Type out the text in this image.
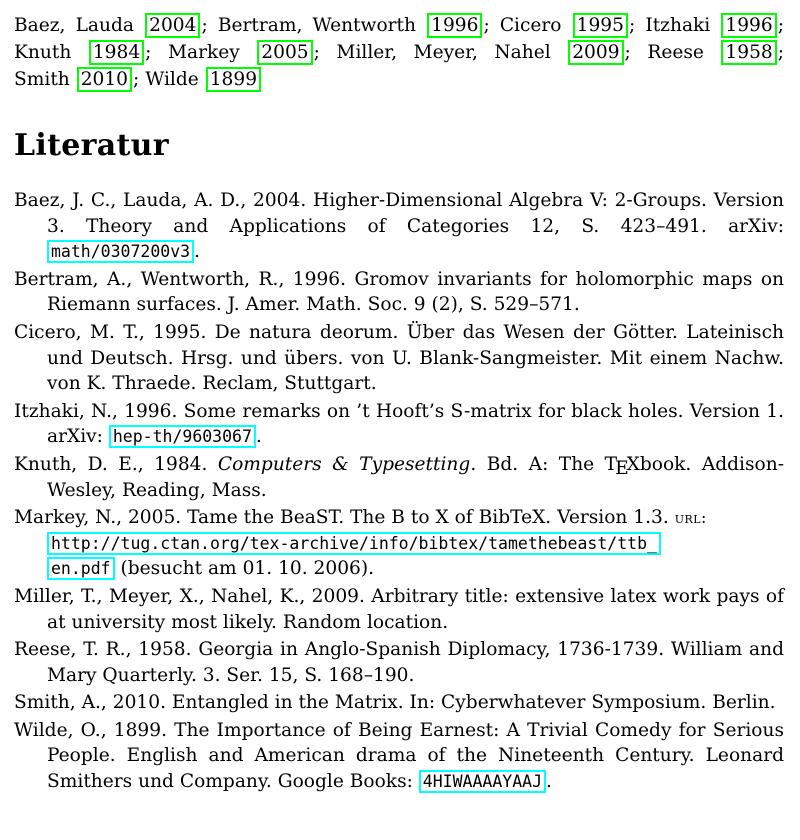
Baez, Lauda 2004 ; Bertram, Wentworth 1996 ; Cicero 1995 ; Itzhaki 1996 ; Knuth 1984 ; Markey 2005 ; Miller, Meyer, Nahel 2009 ; Reese 1958 ; Smith 2010 ; Wilde 1899
Literatur
Baez, J. C., Lauda, A. D., 2004. Higher-Dimensional Algebra V: 2-Groups. Version 3. Theory and Applications of Categories 12, S. 423–491. arXiv: math/0307200v3 .
Bertram, A., Wentworth, R., 1996. Gromov invariants for holomorphic maps on Riemann surfaces. J. Amer. Math. Soc. 9 (2), S. 529–571.
Cicero, M. T., 1995. De natura deorum. Über das Wesen der Götter. Lateinisch und Deutsch. Hrsg. und übers. von U. Blank-Sangmeister. Mit einem Nachw. von K. Thraede. Reclam, Stuttgart.
Itzhaki, N., 1996. Some remarks on ’t Hooft’s S-matrix for black holes. Version 1. arXiv: hep-th/9603067 .
Knuth, D. E., 1984. Computers & Typesetting. Bd. A: The TEXbook. Addison-Wesley, Reading, Mass.
Markey, N., 2005. Tame the BeaST. The B to X of BibTeX. Version 1.3. url:
http://tug.ctan.org/tex-archive/info/bibtex/tamethebeast/ttb_
en.pdf (besucht am 01. 10. 2006).
Miller, T., Meyer, X., Nahel, K., 2009. Arbitrary title: extensive latex work pays of at university most likely. Random location.
Reese, T. R., 1958. Georgia in Anglo-Spanish Diplomacy, 1736-1739. William and Mary Quarterly. 3. Ser. 15, S. 168–190.
Smith, A., 2010. Entangled in the Matrix. In: Cyberwhatever Symposium. Berlin.
Wilde, O., 1899. The Importance of Being Earnest: A Trivial Comedy for Serious People. English and American drama of the Nineteenth Century. Leonard Smithers und Company. Google Books: 4HIWAAAAYAAJ .
